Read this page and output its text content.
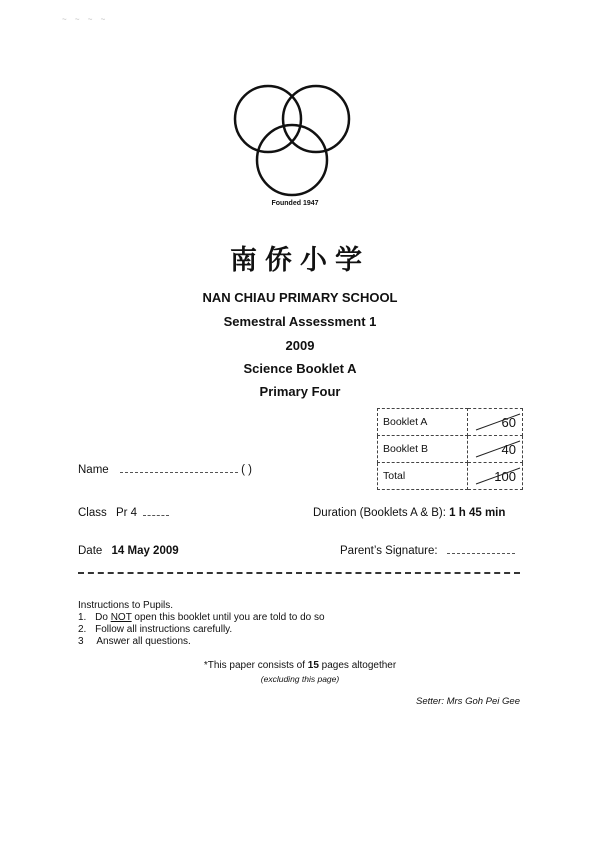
~ ~ ~ ~
Founded 1947
南侨小学
NAN CHIAU PRIMARY SCHOOL
Semestral Assessment 1
2009
Science Booklet A
Primary Four
Booklet A	60
Booklet B	40
Total	100
Name	( )
Class Pr 4	Duration (Booklets A & B): 1 h 45 min
Date 14 May 2009	Parent’s Signature:
Instructions to Pupils.
1. Do NOT open this booklet until you are told to do so
2. Follow all instructions carefully.
3 Answer all questions.
*This paper consists of 15 pages altogether
(excluding this page)
Setter: Mrs Goh Pei Gee
